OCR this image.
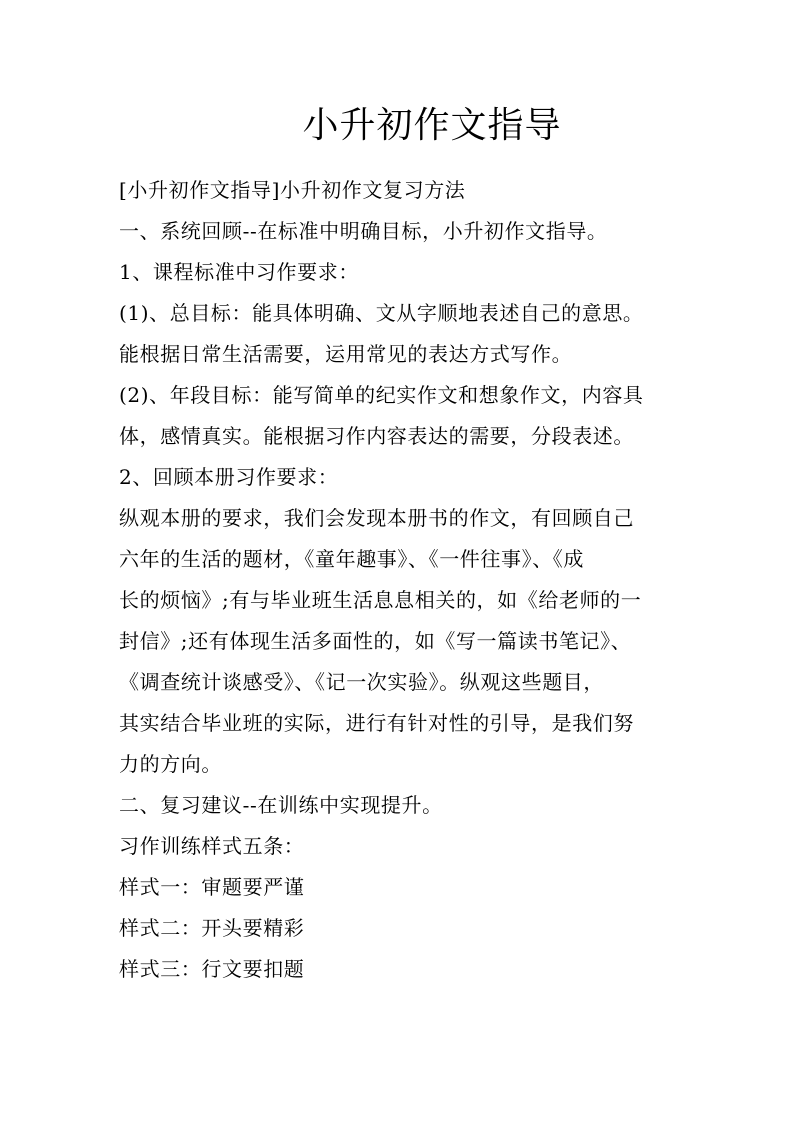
小升初作文指导
[小升初作文指导]小升初作文复习方法
一、系统回顾--在标准中明确目标，小升初作文指导。
1、课程标准中习作要求：
(1)、总目标：能具体明确、文从字顺地表述自己的意思。
能根据日常生活需要，运用常见的表达方式写作。
(2)、年段目标：能写简单的纪实作文和想象作文，内容具
体，感情真实。能根据习作内容表达的需要，分段表述。
2、回顾本册习作要求：
纵观本册的要求，我们会发现本册书的作文，有回顾自己
六年的生活的题材，《童年趣事》、《一件往事》、《成
长的烦恼》;有与毕业班生活息息相关的，如《给老师的一
封信》;还有体现生活多面性的，如《写一篇读书笔记》、
《调查统计谈感受》、《记一次实验》。纵观这些题目，
其实结合毕业班的实际，进行有针对性的引导，是我们努
力的方向。
二、复习建议--在训练中实现提升。
习作训练样式五条：
样式一：审题要严谨
样式二：开头要精彩
样式三：行文要扣题
